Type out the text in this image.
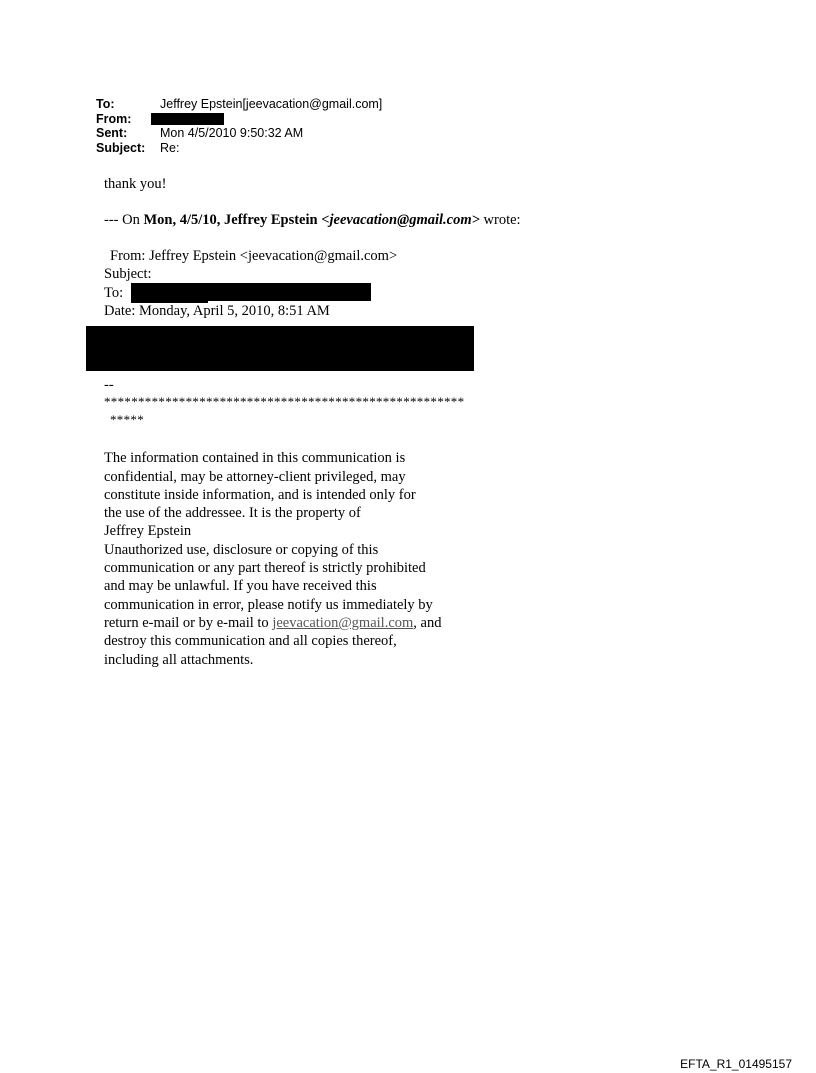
To:	Jeffrey Epstein[jeevacation@gmail.com]
From:
Sent:	Mon 4/5/2010 9:50:32 AM
Subject:	Re:
thank you!
--- On Mon, 4/5/10, Jeffrey Epstein <jeevacation@gmail.com> wrote:
From: Jeffrey Epstein <jeevacation@gmail.com>
Subject:
To:
Date: Monday, April 5, 2010, 8:51 AM
--
*****************************************************
*****

The information contained in this communication is
confidential, may be attorney-client privileged, may
constitute inside information, and is intended only for
the use of the addressee. It is the property of
Jeffrey Epstein
Unauthorized use, disclosure or copying of this
communication or any part thereof is strictly prohibited
and may be unlawful. If you have received this
communication in error, please notify us immediately by
return e-mail or by e-mail to jeevacation@gmail.com, and
destroy this communication and all copies thereof,
including all attachments.

EFTA_R1_01495157
